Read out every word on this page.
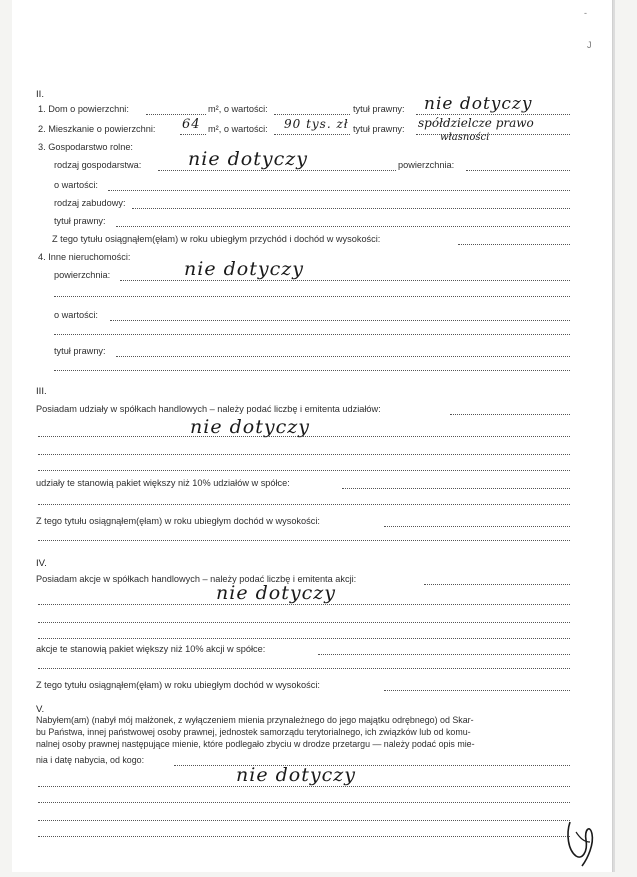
-
J
II.
1. Dom o powierzchni:	m², o wartości:	tytuł prawny: nie dotyczy
2. Mieszkanie o powierzchni: 64 m², o wartości: 90 tys. zł tytuł prawny: spółdzielcze prawo
własności
3. Gospodarstwo rolne:
rodzaj gospodarstwa: nie dotyczy	powierzchnia:
o wartości:
rodzaj zabudowy:
tytuł prawny:
Z tego tytułu osiągnąłem(ęłam) w roku ubiegłym przychód i dochód w wysokości:
4. Inne nieruchomości:
powierzchnia:	nie dotyczy
o wartości:
tytuł prawny:
III.
Posiadam udziały w spółkach handlowych – należy podać liczbę i emitenta udziałów:
nie dotyczy
udziały te stanowią pakiet większy niż 10% udziałów w spółce:
Z tego tytułu osiągnąłem(ęłam) w roku ubiegłym dochód w wysokości:
IV.
Posiadam akcje w spółkach handlowych – należy podać liczbę i emitenta akcji:
nie dotyczy
akcje te stanowią pakiet większy niż 10% akcji w spółce:
Z tego tytułu osiągnąłem(ęłam) w roku ubiegłym dochód w wysokości:
V.
Nabyłem(am) (nabył mój małżonek, z wyłączeniem mienia przynależnego do jego majątku odrębnego) od Skar-
bu Państwa, innej państwowej osoby prawnej, jednostek samorządu terytorialnego, ich związków lub od komu-
nalnej osoby prawnej następujące mienie, które podlegało zbyciu w drodze przetargu — należy podać opis mie-
nia i datę nabycia, od kogo:
nie dotyczy
